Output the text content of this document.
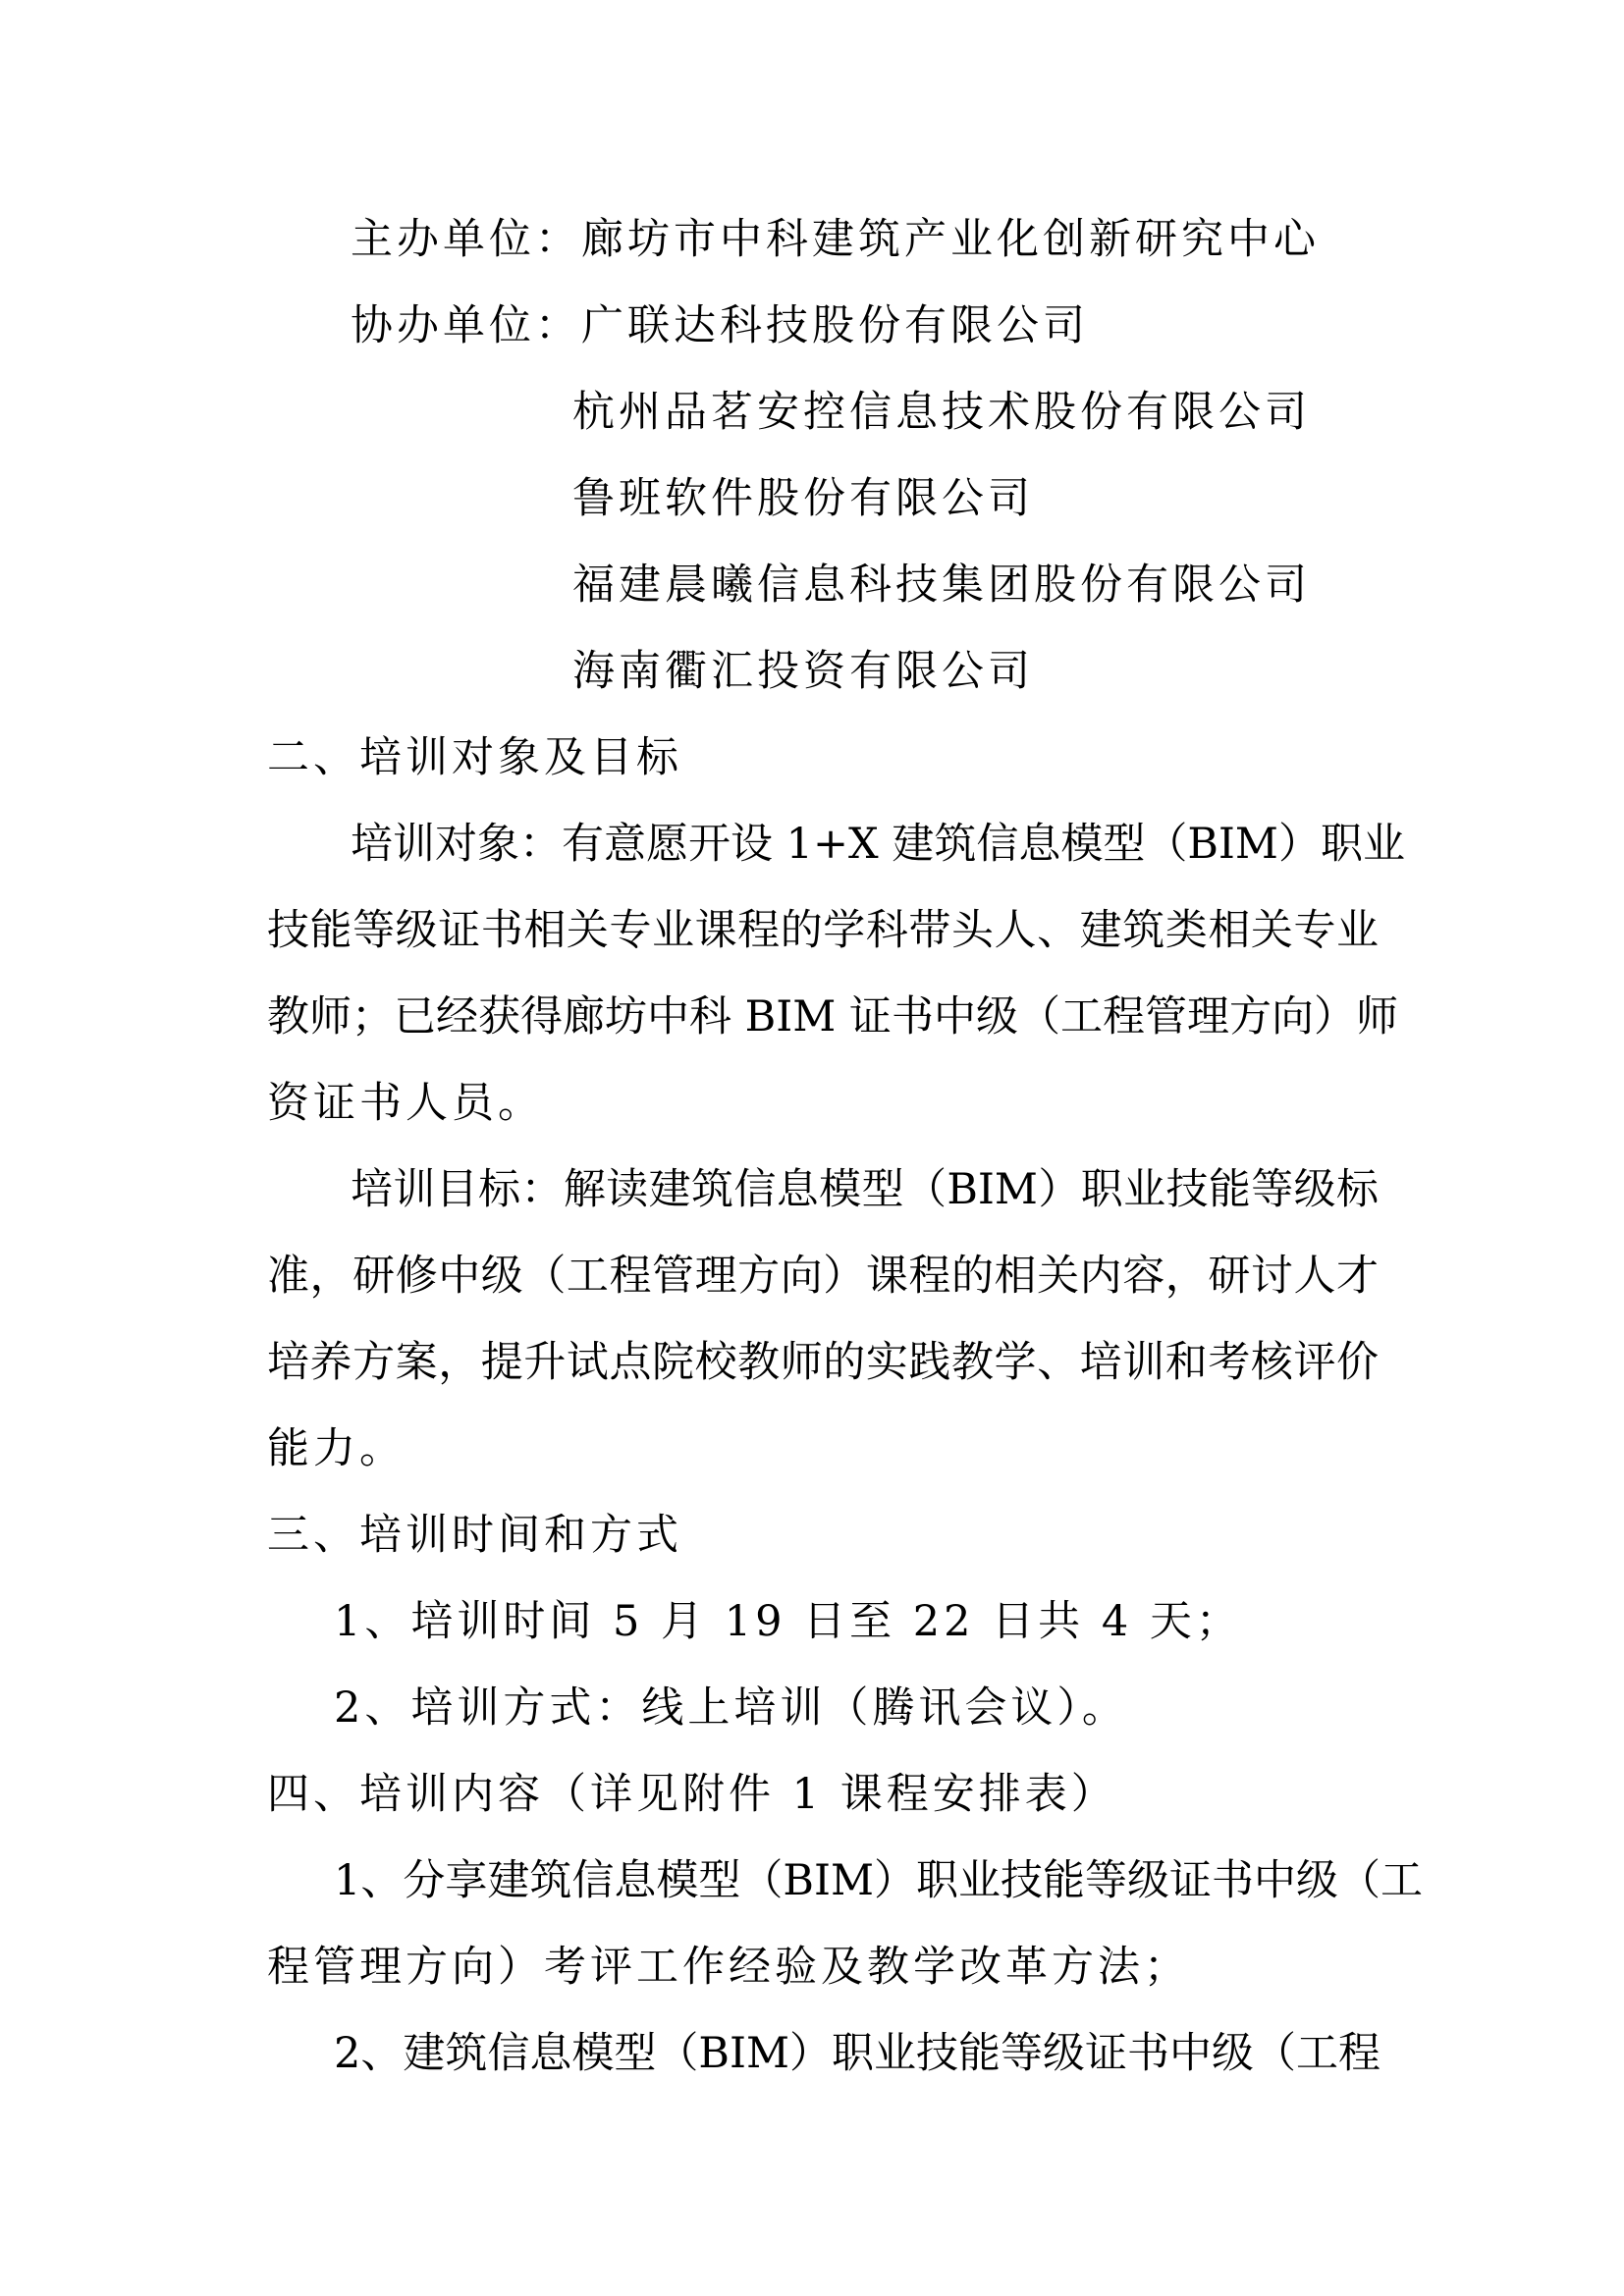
主办单位：廊坊市中科建筑产业化创新研究中心
协办单位：广联达科技股份有限公司
杭州品茗安控信息技术股份有限公司
鲁班软件股份有限公司
福建晨曦信息科技集团股份有限公司
海南衢汇投资有限公司
二、培训对象及目标
培训对象：有意愿开设 1+X 建筑信息模型（BIM）职业
技能等级证书相关专业课程的学科带头人、建筑类相关专业
教师；已经获得廊坊中科 BIM 证书中级（工程管理方向）师
资证书人员。
培训目标：解读建筑信息模型（BIM）职业技能等级标
准，研修中级（工程管理方向）课程的相关内容，研讨人才
培养方案，提升试点院校教师的实践教学、培训和考核评价
能力。
三、培训时间和方式
1、培训时间 5 月 19 日至 22 日共 4 天；
2、培训方式：线上培训（腾讯会议）。
四、培训内容（详见附件 1 课程安排表）
1、分享建筑信息模型（BIM）职业技能等级证书中级（工
程管理方向）考评工作经验及教学改革方法；
2、建筑信息模型（BIM）职业技能等级证书中级（工程
